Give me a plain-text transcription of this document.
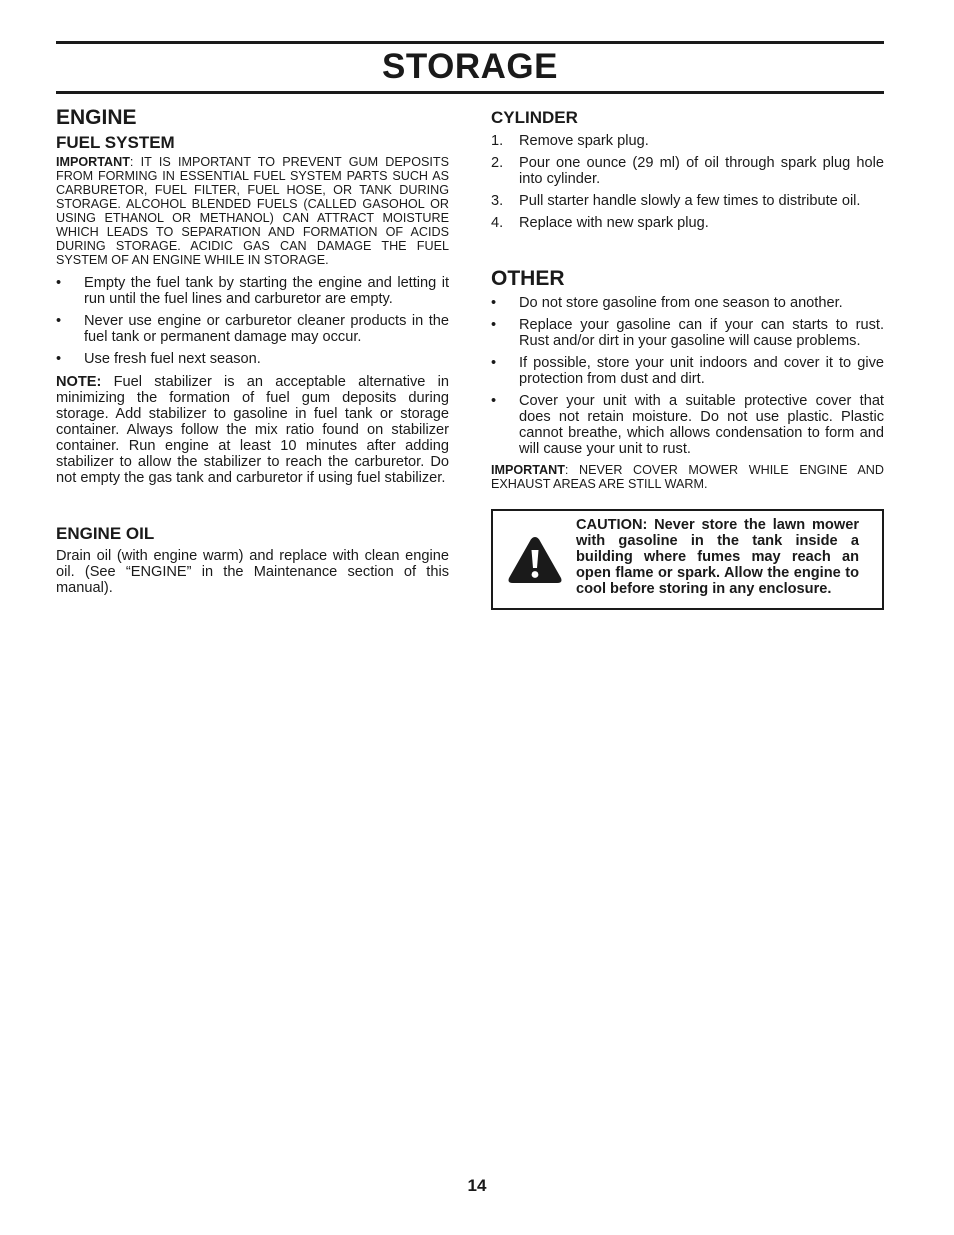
STORAGE
ENGINE
FUEL SYSTEM
IMPORTANT: IT IS IMPORTANT TO PREVENT GUM DEPOSITS FROM FORMING IN ESSENTIAL FUEL SYSTEM PARTS SUCH AS CARBURETOR, FUEL FILTER, FUEL HOSE, OR TANK DURING STORAGE. ALCOHOL BLENDED FUELS (CALLED GASOHOL OR USING ETHANOL OR METHANOL) CAN ATTRACT MOISTURE WHICH LEADS TO SEPARATION AND FORMATION OF ACIDS DURING STORAGE. ACIDIC GAS CAN DAMAGE THE FUEL SYSTEM OF AN ENGINE WHILE IN STORAGE.
• Empty the fuel tank by starting the engine and letting it run until the fuel lines and carburetor are empty.
• Never use engine or carburetor cleaner products in the fuel tank or permanent damage may occur.
• Use fresh fuel next season.
NOTE: Fuel stabilizer is an acceptable alternative in minimizing the formation of fuel gum deposits during storage. Add stabilizer to gasoline in fuel tank or storage container. Always follow the mix ratio found on stabilizer container. Run engine at least 10 minutes after adding stabilizer to allow the stabilizer to reach the carburetor. Do not empty the gas tank and carburetor if using fuel stabilizer.
ENGINE OIL
Drain oil (with engine warm) and replace with clean engine oil. (See “ENGINE” in the Maintenance section of this manual).
CYLINDER
1. Remove spark plug.
2. Pour one ounce (29 ml) of oil through spark plug hole into cylinder.
3. Pull starter handle slowly a few times to distribute oil.
4. Replace with new spark plug.
OTHER
• Do not store gasoline from one season to another.
• Replace your gasoline can if your can starts to rust. Rust and/or dirt in your gasoline will cause problems.
• If possible, store your unit indoors and cover it to give protection from dust and dirt.
• Cover your unit with a suitable protective cover that does not retain moisture. Do not use plastic. Plastic cannot breathe, which allows condensation to form and will cause your unit to rust.
IMPORTANT: NEVER COVER MOWER WHILE ENGINE AND EXHAUST AREAS ARE STILL WARM.
CAUTION: Never store the lawn mower with gasoline in the tank inside a building where fumes may reach an open flame or spark. Allow the engine to cool before storing in any enclosure.
14
